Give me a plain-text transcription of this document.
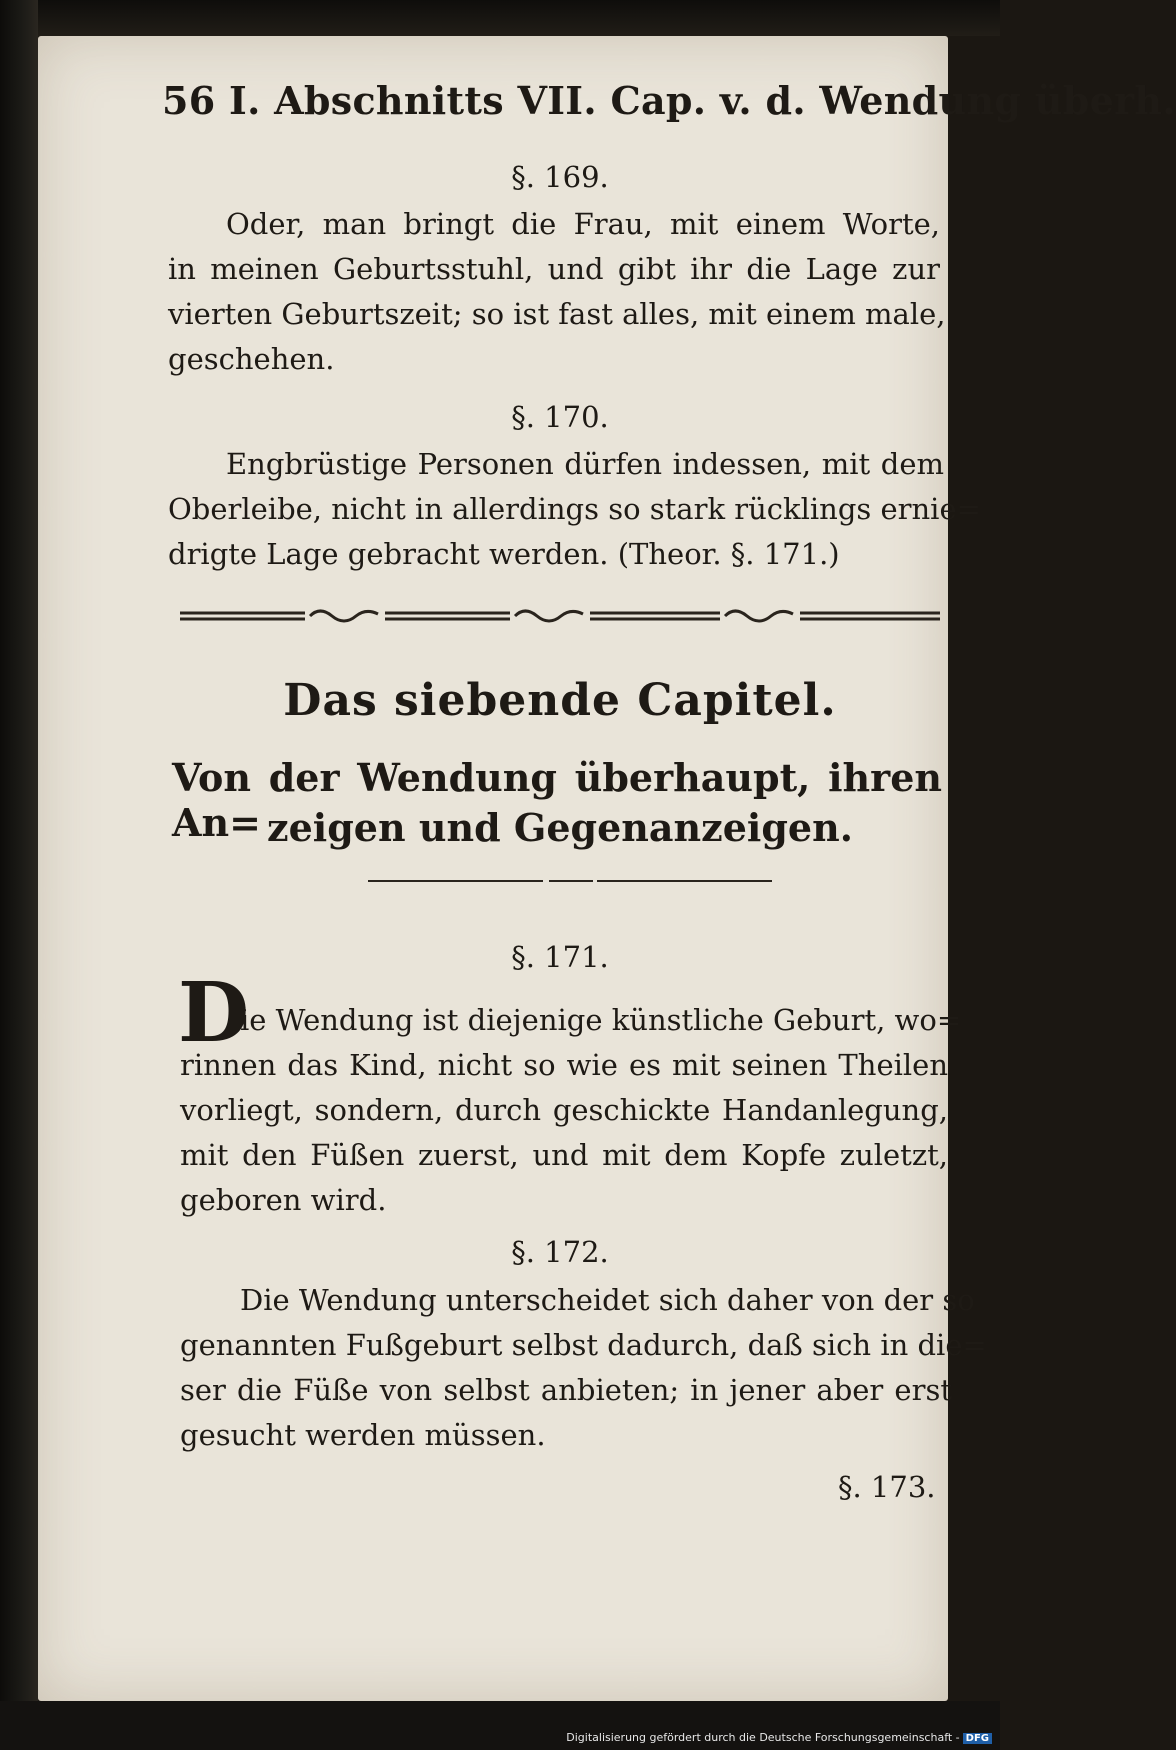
56 I. Abschnitts VII. Cap. v. d. Wendung überh.
§. 169.
Oder, man bringt die Frau, mit einem Worte,
in meinen Geburtsstuhl, und gibt ihr die Lage zur
vierten Geburtszeit; so ist fast alles, mit einem male,
geschehen.
§. 170.
Engbrüstige Personen dürfen indessen, mit dem
Oberleibe, nicht in allerdings so stark rücklings ernie=
drigte Lage gebracht werden. (Theor. §. 171.)
Das siebende Capitel.
Von der Wendung überhaupt, ihren An= zeigen und Gegenanzeigen.
§. 171.
D
ie Wendung ist diejenige künstliche Geburt, wo=
rinnen das Kind, nicht so wie es mit seinen Theilen
vorliegt, sondern, durch geschickte Handanlegung,
mit den Füßen zuerst, und mit dem Kopfe zuletzt,
geboren wird.
§. 172.
Die Wendung unterscheidet sich daher von der so
genannten Fußgeburt selbst dadurch, daß sich in die=
ser die Füße von selbst anbieten; in jener aber erst
gesucht werden müssen.
§. 173.
Digitalisierung gefördert durch die Deutsche Forschungsgemeinschaft - DFG
